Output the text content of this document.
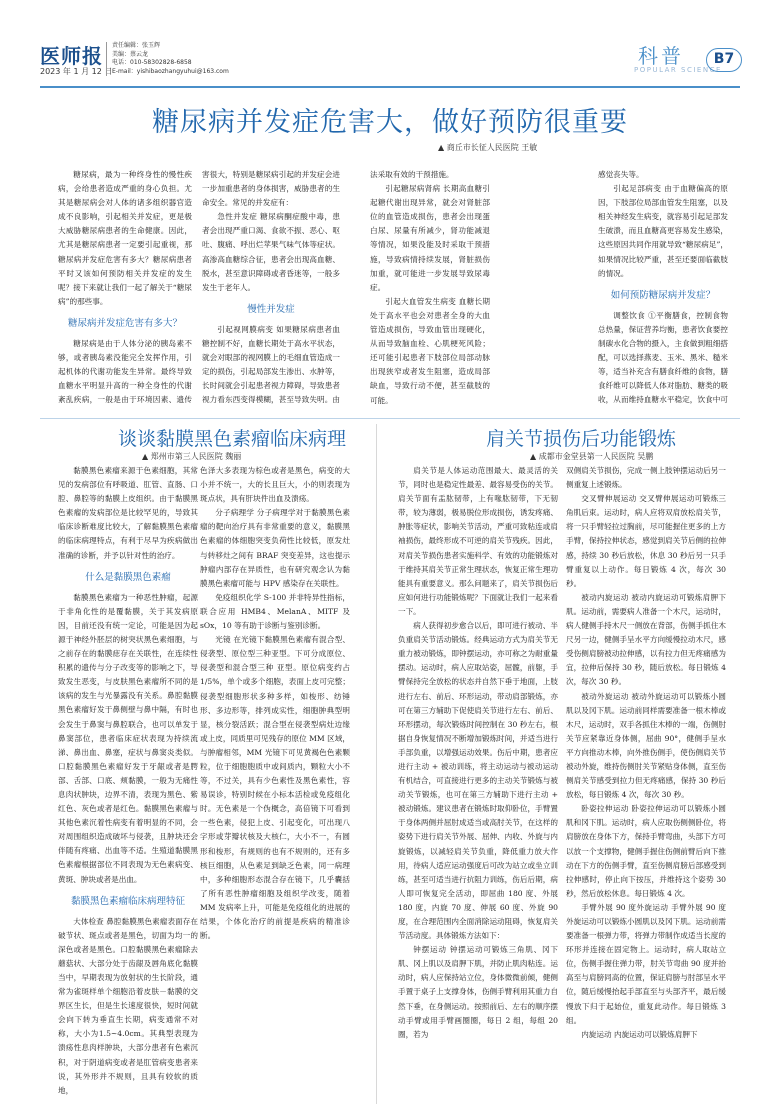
医师报
2023 年 1 月 12 日
责任编辑：张玉辉
美编：蔡云龙
电话：010-58302828-6858
E-mail：yishibaozhangyuhui@163.com
科普
POPULAR SCIENCE
B7
糖尿病并发症危害大，做好预防很重要
▲ 商丘市长征人民医院 王敏

糖尿病，最为一种终身性的慢性疾病，会给患者造成严重的身心负担。尤其是糖尿病会对人体的诸多组织器官造成不良影响，引起相关并发症，更是极大威胁糖尿病患者的生命健康。因此，尤其是糖尿病患者一定要引起重视，那糖尿病并发症危害有多大？糖尿病患者平时又该如何预防相关并发症的发生呢？接下来就让我们一起了解关于“糖尿病”的那些事。

糖尿病并发症危害有多大？

糖尿病是由于人体分泌的胰岛素不够，或者胰岛素没能完全发挥作用，引起机体的代谢功能发生异常。最终导致血糖水平明显升高的一种全身性的代谢紊乱疾病，一般是由于环境因素、遗传

害很大，特别是糖尿病引起的并发症会进一步加重患者的身体损害，威胁患者的生命安全。常见的并发症有：

急性并发症 糖尿病酮症酸中毒，患者会出现严重口渴、食欲不振、恶心、呕吐、腹痛、呼出烂苹果气味气体等症状。高渗高血糖综合征，患者会出现高血糖、脱水，甚至意识障碍或者昏迷等，一般多发生于老年人。

慢性并发症

引起视网膜病变 如果糖尿病患者血糖控制不好，血糖长期处于高水平状态，就会对眼部的视网膜上的毛细血管造成一定的损伤，引起局部发生渗出、水肿等，长时间就会引起患者视力障碍，导致患者视力看东西变得模糊，甚至导致失明。由

法采取有效的干预措施。

引起糖尿病肾病 长期高血糖引起糖代谢出现异常，就会对肾脏部位的血管造成损伤，患者会出现蛋白尿、尿量有所减少，肾功能减退等情况，如果没能及时采取干预措施，导致病情持续发展，肾脏损伤加重，就可能进一步发展导致尿毒症。

引起大血管发生病变 血糖长期处于高水平也会对患者全身的大血管造成损伤，导致血管出现硬化，从而导致脑血栓、心肌梗死风险；还可能引起患者下肢部位局部动脉出现狭窄或者发生阻塞，造成局部缺血，导致行动不便，甚至截肢的可能。

感觉丧失等。

引起足部病变 由于血糖偏高的原因，下肢部位局部血管发生阻塞，以及相关神经发生病变，就容易引起足部发生破溃，而且血糖高更容易发生感染，这些原因共同作用就导致“糖尿病足”，如果情况比较严重，甚至还要面临截肢的情况。

如何预防糖尿病并发症？

调整饮食 ①平衡膳食，控制食物总热量，保证营养均衡，患者饮食要控制碳水化合物的摄入，主食做到粗细搭配，可以选择燕麦、玉米、黑米、糙米等，适当补充含有膳食纤维的食物，膳食纤维可以降低人体对脂肪、糖类的吸收，从而维持血糖水平稳定，饮食中可

谈谈黏膜黑色素瘤临床病理
▲ 郑州市第三人民医院 魏丽

黏膜黑色素瘤来源于色素细胞，其常见的发病部位有呼吸道、肛管、直肠、口腔、鼻腔等的黏膜上皮组织。由于黏膜黑色素瘤的发病部位是比较罕见的，导致其临床诊断难度比较大，了解黏膜黑色素瘤的临床病理特点，有利于尽早为疾病做出准确的诊断，并予以针对性的治疗。

什么是黏膜黑色素瘤

黏膜黑色素瘤为一种恶性肿瘤，起源于非角化性的是覆黏膜，关于其发病原因，目前还没有统一定论，可能是因为起源于神经外胚层的树突状黑色素细胞，与之前存在的黏膜痣存在关联性，在连续性积累的遗传与分子改变等的影响之下，导致发生恶变，与皮肤黑色素瘤所不同的是该病的发生与光暴露没有关系。鼻腔黏膜黑色素瘤好发于鼻侧壁与鼻中隔，有时也会发生于鼻窦与鼻腔联合，也可以单发于鼻窦部位，患者临床症状表现为持续流涕、鼻出血、鼻塞，症状与鼻窦炎类似。口腔黏膜黑色素瘤好发于牙龈或者是腭部、舌部、口底、颊黏膜，一般为无痛性息肉状肿块，边界不清，表现为黑色、紫红色、灰色或者是红色。黏膜黑色素瘤与其他色素沉着性病变有着明显的不同，会对周围组织造成破坏与侵袭，且肿块还会伴随有疼痛、出血等不适。生殖道黏膜黑色素瘤根据部位不同表现为无色素病变、黄斑、肿块或者是出血。

黏膜黑色素瘤临床病理特征

大体检查 鼻腔黏膜黑色素瘤表面存在破节状、斑点或者是黑色，切面为均一的深色或者是黑色。口腔黏膜黑色素瘤除去蘑菇状、大部分处于齿龈及唇角底化黏膜当中，早期表现为放射状的生长阶段，通常为雀斑样单个细胞沿着皮肤－黏膜的交界区生长，但是生长速度很快，短时间就会向下转为垂直生长期，病变通常不对称，大小为1.5~4.0cm。其典型表现为溃疡性息肉样肿块，大部分患者有色素沉积，对于阴道病变或者是肛管病变患者来说，其外形并不规则，且具有较软的质地，

色泽大多表现为棕色或者是黑色，病变的大小并不统一，大的长且巨大，小的则表现为斑点状，具有肝块件出血及溃疡。

分子病理学 分子病理学对于黏膜黑色素瘤的靶向治疗具有非常重要的意义，黏膜黑色素瘤的体细胞突变负荷性比较低，原发灶与转移灶之间有 BRAF 突变差异，这也提示肿瘤内部存在异质性，也有研究观念认为黏膜黑色素瘤可能与 HPV 感染存在关联性。

免疫组织化学 S-100 并非特异性指标，联合应用 HMB4、MelanA、MITF 及 sOx，10 等有助于诊断与鉴别诊断。

光镜 在光镜下黏膜黑色素瘤有混合型、侵袭型、原位型三种亚型。下可分成原位、侵袭型和混合型三种 亚型。原位病变约占 1/5%，单个或多个细胞，表面上皮可完整；侵袭型细胞形状多种多样，如梭形、纺锤形、多边形等，排列成实性，细胞肿典型明显，核分裂活跃；混合型在侵袭型病灶边缘或上皮，同质里可见残存的原位 MM 区域，与肿瘤相邻，MM 光镜下可见黄褐色色素颗粒，位于细胞胞质中或间质内，颗粒大小不等，不过关，具有少色素性及黑色素性，容易误诊，特别时候在小标本活检或免疫组化时。无色素是一个伪概念，高倍镜下可看到一些色素，侵犯上皮、引起变化，可出现八字形或芽瓣状核及大核仁，大小不一，有圆形和梭形，有规则的也有不规则的，还有多核巨细胞，从色素足到缺乏色素，同一病理中，多种细胞形态混合存在镜下，几乎囊括了所有恶性肿瘤细胞及组织学改变，随着 MM 发病率上升，可能是免疫组化的进展的结果，个体化治疗的前提是疾病的精准诊断。

肩关节损伤后功能锻炼
▲ 成都市金堂县第一人民医院 吴鹏

肩关节是人体运动范围最大、最灵活的关节，同时也是稳定性最差、最容易受伤的关节。肩关节面有盂肱韧带，上有喙肱韧带，下无韧带，较为薄弱，极易脱位形成损伤，诱发疼痛、肿胀等症状，影响关节活动，严重可致粘连或肩袖损伤，最终形成不可逆的肩关节残疾。因此，对肩关节损伤患者实施科学、有效的功能锻炼对于维持其肩关节正常生理状态，恢复正常生理功能具有重要意义。那么问题来了，肩关节损伤后应如何进行功能锻炼呢？下面就让我们一起来看一下。

病人获得初步愈合以后，即可进行被动、半负重肩关节活动锻炼。经典运动方式为肩关节无重力被动锻炼，即钟摆运动，亦可称之为耐重量摆动。运动时，病人应取站姿，屈髋，前躯，手臂保持完全放松的状态并自然下垂于地面，上肢进行左右、前后、环形运动，带动肩部锻炼，亦可在第三方辅助下促使肩关节进行左右、前后、环形摆动，每次锻炼时间控制在 30 秒左右，根据自身恢复情况不断增加锻炼时间，并适当进行手部负重，以增强运动效果。伤后中期，患者应进行主动 + 被动训练，将主动运动与被动运动有机结合，可直接进行更多的主动关节锻炼与被动关节锻炼，也可在第三方辅助下进行主动 + 被动锻炼。建议患者在锻炼时取仰卧位，手臂置于身体两侧并屈肘成适当或高肘关节，在这样的姿势下进行肩关节外展、屈伸、内收、外旋与内旋锻炼，以减轻肩关节负重，降低重力放大作用，待病人适应运动强度后可改为站立或坐立训练，甚至可适当进行抗阻力训练，伤后后期，病人即可恢复完全活动，即屈曲 180 度、外展 180 度，内旋 70 度、伸展 60 度、外旋 90 度，在合理范围内全面消除运动阻碍，恢复肩关节活动度。具体锻炼方法如下：

钟摆运动 钟摆运动可锻炼三角肌、冈下肌、冈上肌以及肩胛下肌，并防止肌肉粘连。运动时，病人应保持站立位，身体微微前倾，健侧手置于桌子上支撑身体，伤侧手臂利用其重力自然下垂，在身侧运动。按照前后、左右的顺序摆动手臂或用手臂画圈圈，每日 2 组，每组 20 圈，若为

双侧肩关节损伤，完成一侧上肢钟摆运动后另一侧重复上述锻炼。

交叉臂伸展运动 交叉臂伸展运动可锻炼三角肌后束。运动时，病人应将双肩放松肩关节，将一只手臂轻拉过胸前，尽可能握住更多的上方手臂，保持拉伸状态，感觉到肩关节后侧的拉伸感，持续 30 秒后放松，休息 30 秒后另一只手臂重复以上动作。每日锻炼 4 次，每次 30 秒。

被动内旋运动 被动内旋运动可锻炼肩胛下肌。运动前，需要病人准备一个木尺，运动时，病人健侧手持木尺一侧放在背部，伤侧手抓住木尺另一边，健侧手呈水平方向缓慢拉动木尺，感受伤侧肩膀被动拉伸感，以有拉力但无疼痛感为宜，拉伸后保持 30 秒，随后放松。每日锻炼 4 次，每次 30 秒。

被动外旋运动 被动外旋运动可以锻炼小圆肌以及冈下肌。运动前同样需要准备一根木棒或木尺，运动时，双手各抓住木棒的一端，伤侧肘关节应紧靠近身体侧，屈曲 90°，健侧手呈水平方向推动木棒，向外推伤侧手，使伤侧肩关节被动外旋，维持伤侧肘关节紧贴身体侧，直至伤侧肩关节感受到拉力但无疼痛感，保持 30 秒后放松，每日锻炼 4 次，每次 30 秒。

卧姿拉伸运动 卧姿拉伸运动可以锻炼小圆肌和冈下肌。运动时，病人应取伤侧侧卧位，将肩膀放在身体下方，保持手臂弯曲，头部下方可以放一个支撑物，健侧手握住伤侧前臂后向下推动在下方的伤侧手臂，直至伤侧肩膀后部感受到拉伸感时，停止向下按压，并维持这个姿势 30 秒，然后放松休息。每日锻炼 4 次。

手臂外展 90 度外旋运动 手臂外展 90 度外旋运动可以锻炼小圆肌以及冈下肌。运动前需要准备一根弹力带，将弹力带制作成适当长度的环形并连接在固定物上。运动时，病人取站立位，伤侧手握住弹力带，肘关节弯曲 90 度并抬高至与肩膀同高的位置，保证肩膀与肘部呈水平位，随后缓慢抬起手部直至与头部齐平，最后缓慢放下归于起始位，重复此动作。每日锻炼 3 组。

内旋运动 内旋运动可以锻炼肩胛下
